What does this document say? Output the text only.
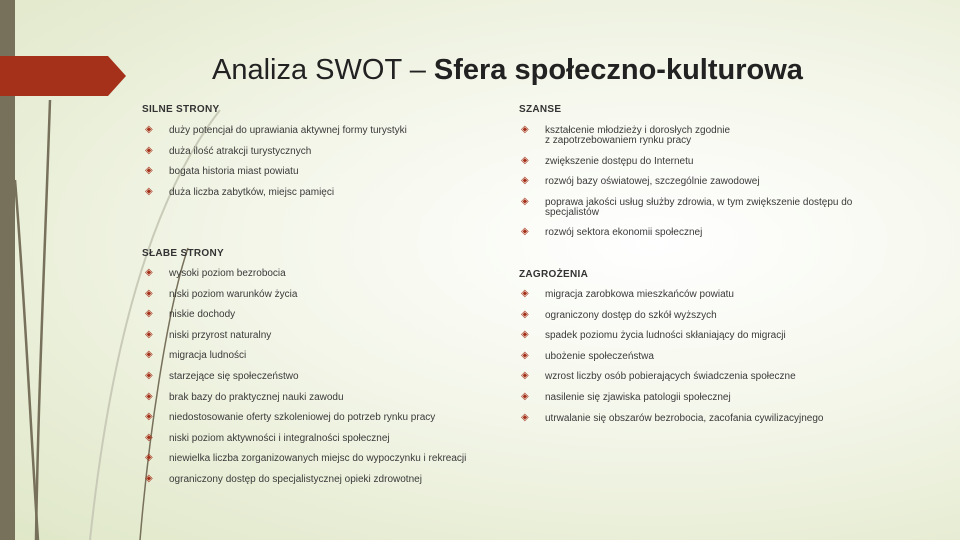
Analiza SWOT – Sfera społeczno-kulturowa
SILNE STRONY
◈ duży potencjał do uprawiania aktywnej formy turystyki
◈ duża ilość atrakcji turystycznych
◈ bogata historia miast powiatu
◈ duża liczba zabytków, miejsc pamięci
SŁABE STRONY
◈ wysoki poziom bezrobocia
◈ niski poziom warunków życia
◈ niskie dochody
◈ niski przyrost naturalny
◈ migracja ludności
◈ starzejące się społeczeństwo
◈ brak bazy do praktycznej nauki zawodu
◈ niedostosowanie oferty szkoleniowej do potrzeb rynku pracy
◈ niski poziom aktywności i integralności społecznej
◈ niewielka liczba zorganizowanych miejsc do wypoczynku i rekreacji
◈ ograniczony dostęp do specjalistycznej opieki zdrowotnej
SZANSE
◈ kształcenie młodzieży i dorosłych zgodnie
z zapotrzebowaniem rynku pracy
◈ zwiększenie dostępu do Internetu
◈ rozwój bazy oświatowej, szczególnie zawodowej
◈ poprawa jakości usług służby zdrowia, w tym zwiększenie dostępu do specjalistów
◈ rozwój sektora ekonomii społecznej
ZAGROŻENIA
◈ migracja zarobkowa mieszkańców powiatu
◈ ograniczony dostęp do szkół wyższych
◈ spadek poziomu życia ludności skłaniający do migracji
◈ ubożenie społeczeństwa
◈ wzrost liczby osób pobierających świadczenia społeczne
◈ nasilenie się zjawiska patologii społecznej
◈ utrwalanie się obszarów bezrobocia, zacofania cywilizacyjnego
